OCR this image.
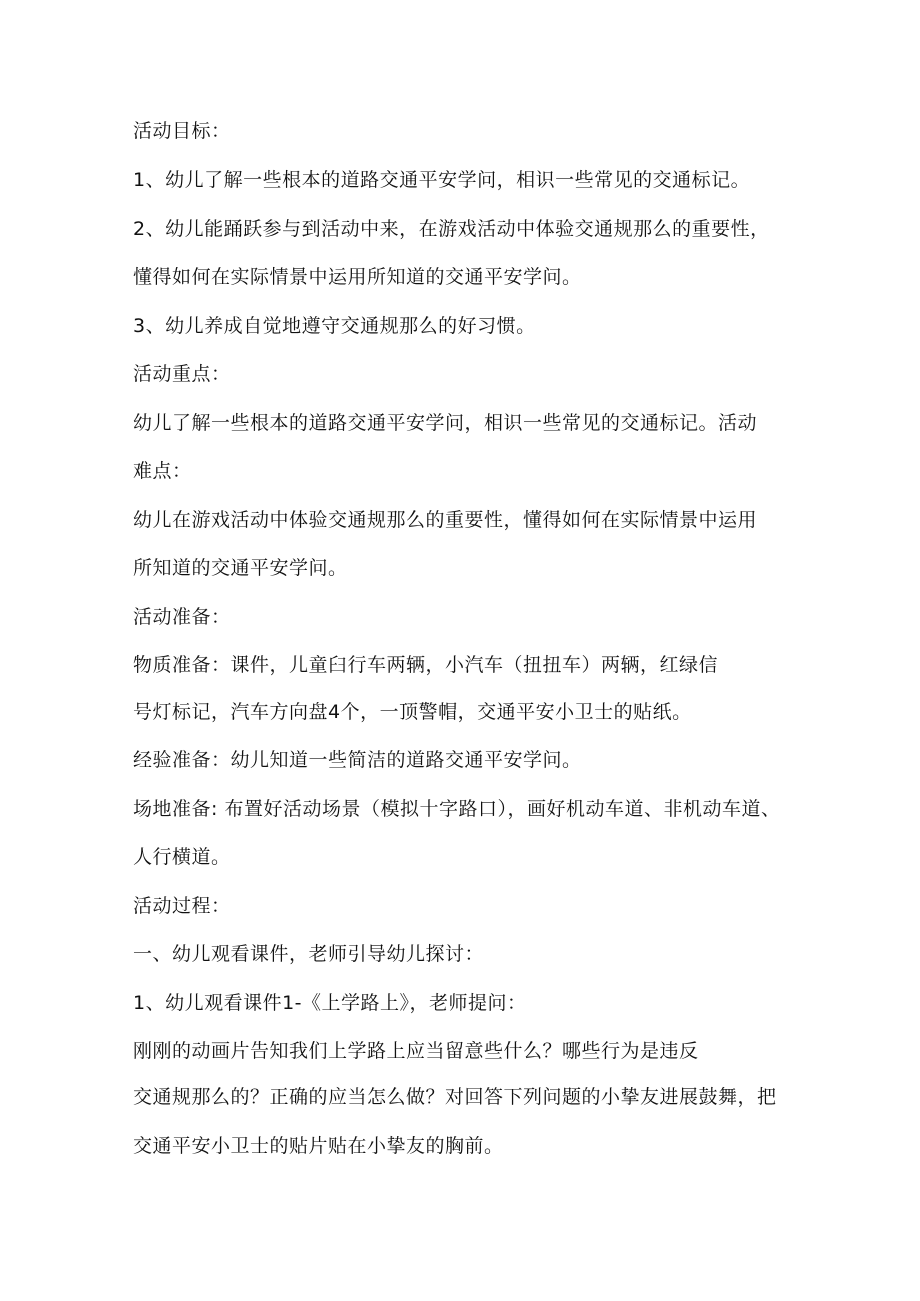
活动目标：
1、幼儿了解一些根本的道路交通平安学问，相识一些常见的交通标记。
2、幼儿能踊跃参与到活动中来，在游戏活动中体验交通规那么的重要性，
懂得如何在实际情景中运用所知道的交通平安学问。
3、幼儿养成自觉地遵守交通规那么的好习惯。
活动重点：
幼儿了解一些根本的道路交通平安学问，相识一些常见的交通标记。活动
难点：
幼儿在游戏活动中体验交通规那么的重要性，懂得如何在实际情景中运用
所知道的交通平安学问。
活动准备：
物质准备：课件，儿童臼行车两辆，小汽车（扭扭车）两辆，红绿信
号灯标记，汽车方向盘4个，一顶警帽，交通平安小卫士的贴纸。
经验准备：幼儿知道一些简洁的道路交通平安学问。
场地准备: 布置好活动场景（模拟十字路口），画好机动车道、非机动车道、
人行横道。
活动过程：
一、幼儿观看课件，老师引导幼儿探讨：
1、幼儿观看课件1-《上学路上》，老师提问：
刚刚的动画片告知我们上学路上应当留意些什么？哪些行为是违反
交通规那么的？正确的应当怎么做？对回答下列问题的小挚友进展鼓舞，把
交通平安小卫士的贴片贴在小挚友的胸前。
